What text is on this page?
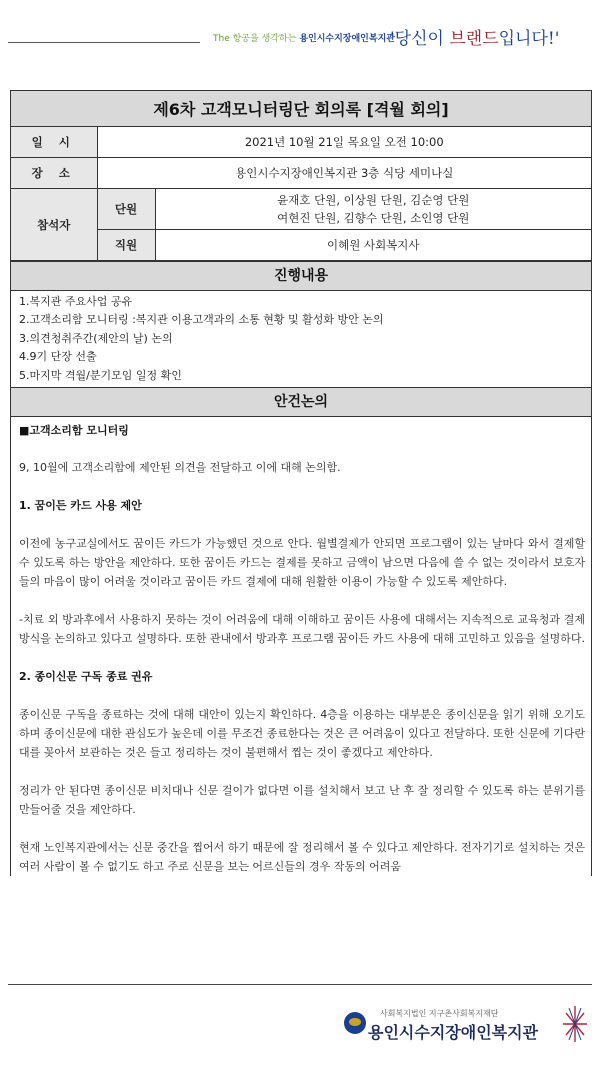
The 항공을 생각하는 용인시수지장애인복지관
'당신이 브랜드입니다!'
제6차 고객모니터링단 회의록 [격월 회의]		
일 시	2021년 10월 21일 목요일 오전 10:00	
장 소	용인시수지장애인복지관 3층 식당 세미나실	
참석자	단원	윤재호 단원, 이상원 단원, 김순영 단원
여현진 단원, 김향수 단원, 소인영 단원

	직원	이혜원 사회복지사
진행내용
1.복지관 주요사업 공유
2.고객소리함 모니터링 :복지관 이용고객과의 소통 현황 및 활성화 방안 논의
3.의견청취주간(제안의 날) 논의
4.9기 단장 선출
5.마지막 격월/분기모임 일정 확인
안건논의

■고객소리함 모니터링

9, 10월에 고객소리함에 제안된 의견을 전달하고 이에 대해 논의함.

1. 꿈이든 카드 사용 제안

이전에 농구교실에서도 꿈이든 카드가 가능했던 것으로 안다. 월별결제가 안되면 프로그램이 있는 날마다 와서 결제할 수 있도록 하는 방안을 제안하다. 또한 꿈이든 카드는 결제를 못하고 금액이 남으면 다음에 쓸 수 없는 것이라서 보호자들의 마음이 많이 어려울 것이라고 꿈이든 카드 결제에 대해 원활한 이용이 가능할 수 있도록 제안하다.

-치료 외 방과후에서 사용하지 못하는 것이 어려움에 대해 이해하고 꿈이든 사용에 대해서는 지속적으로 교육청과 결제방식을 논의하고 있다고 설명하다. 또한 관내에서 방과후 프로그램 꿈이든 카드 사용에 대해 고민하고 있음을 설명하다.

2. 종이신문 구독 종료 권유

종이신문 구독을 종료하는 것에 대해 대안이 있는지 확인하다. 4층을 이용하는 대부분은 종이신문을 읽기 위해 오기도 하며 종이신문에 대한 관심도가 높은데 이를 무조건 종료한다는 것은 큰 어려움이 있다고 전달하다. 또한 신문에 기다란 대를 꽂아서 보관하는 것은 들고 정리하는 것이 불편해서 찝는 것이 좋겠다고 제안하다.

정리가 안 된다면 종이신문 비치대나 신문 걸이가 없다면 이를 설치해서 보고 난 후 잘 정리할 수 있도록 하는 분위기를 만들어줄 것을 제안하다.

현재 노인복지관에서는 신문 중간을 찝어서 하기 때문에 잘 정리해서 볼 수 있다고 제안하다. 전자기기로 설치하는 것은 여러 사람이 볼 수 없기도 하고 주로 신문을 보는 어르신들의 경우 작동의 어려움

사회복지법인 지구촌사회복지재단
용인시수지장애인복지관
